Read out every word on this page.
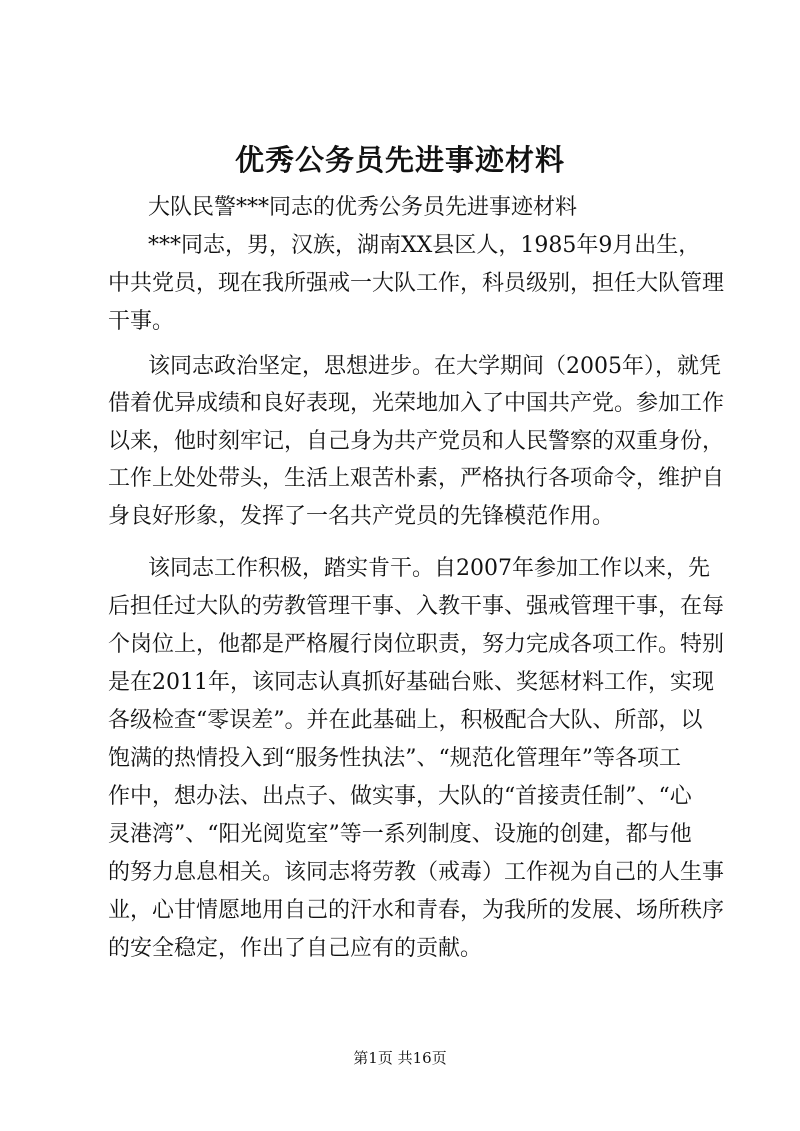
优秀公务员先进事迹材料

大队民警***同志的优秀公务员先进事迹材料

***同志，男，汉族，湖南XX县区人，1985年9月出生，

中共党员，现在我所强戒一大队工作，科员级别，担任大队管理

干事。

该同志政治坚定，思想进步。在大学期间（2005年），就凭

借着优异成绩和良好表现，光荣地加入了中国共产党。参加工作

以来，他时刻牢记，自己身为共产党员和人民警察的双重身份，

工作上处处带头，生活上艰苦朴素，严格执行各项命令，维护自

身良好形象，发挥了一名共产党员的先锋模范作用。

该同志工作积极，踏实肯干。自2007年参加工作以来，先

后担任过大队的劳教管理干事、入教干事、强戒管理干事，在每

个岗位上，他都是严格履行岗位职责，努力完成各项工作。特别

是在2011年，该同志认真抓好基础台账、奖惩材料工作，实现

各级检查“零误差”。并在此基础上，积极配合大队、所部，以

饱满的热情投入到“服务性执法”、“规范化管理年”等各项工

作中，想办法、出点子、做实事，大队的“首接责任制”、“心

灵港湾”、“阳光阅览室”等一系列制度、设施的创建，都与他

的努力息息相关。该同志将劳教（戒毒）工作视为自己的人生事

业，心甘情愿地用自己的汗水和青春，为我所的发展、场所秩序

的安全稳定，作出了自己应有的贡献。

第1页 共16页
